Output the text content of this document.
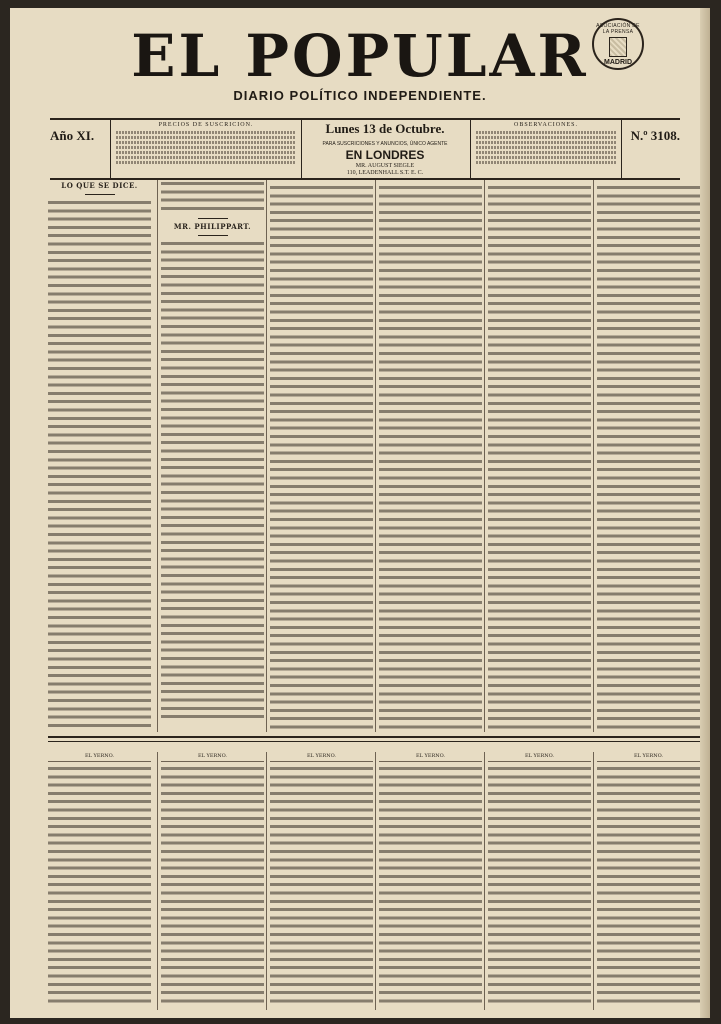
EL POPULAR
DIARIO POLÍTICO INDEPENDIENTE.
ASOCIACIÓN DE LA PRENSA
MADRID
Año XI.
PRECIOS DE SUSCRICION.	Lunes 13 de Octubre.
PARA SUSCRICIONES Y ANUNCIOS, ÚNICO AGENTE
EN LONDRES
MR. AUGUST SIEGLE
110, LEADENHALL S.T. E. C.
OBSERVACIONES.
N.º 3108.
LO QUE SE DICE.
MR. PHILIPPART.
EL YERNO.	EL YERNO.	EL YERNO.	EL YERNO.	EL YERNO.	EL YERNO.
